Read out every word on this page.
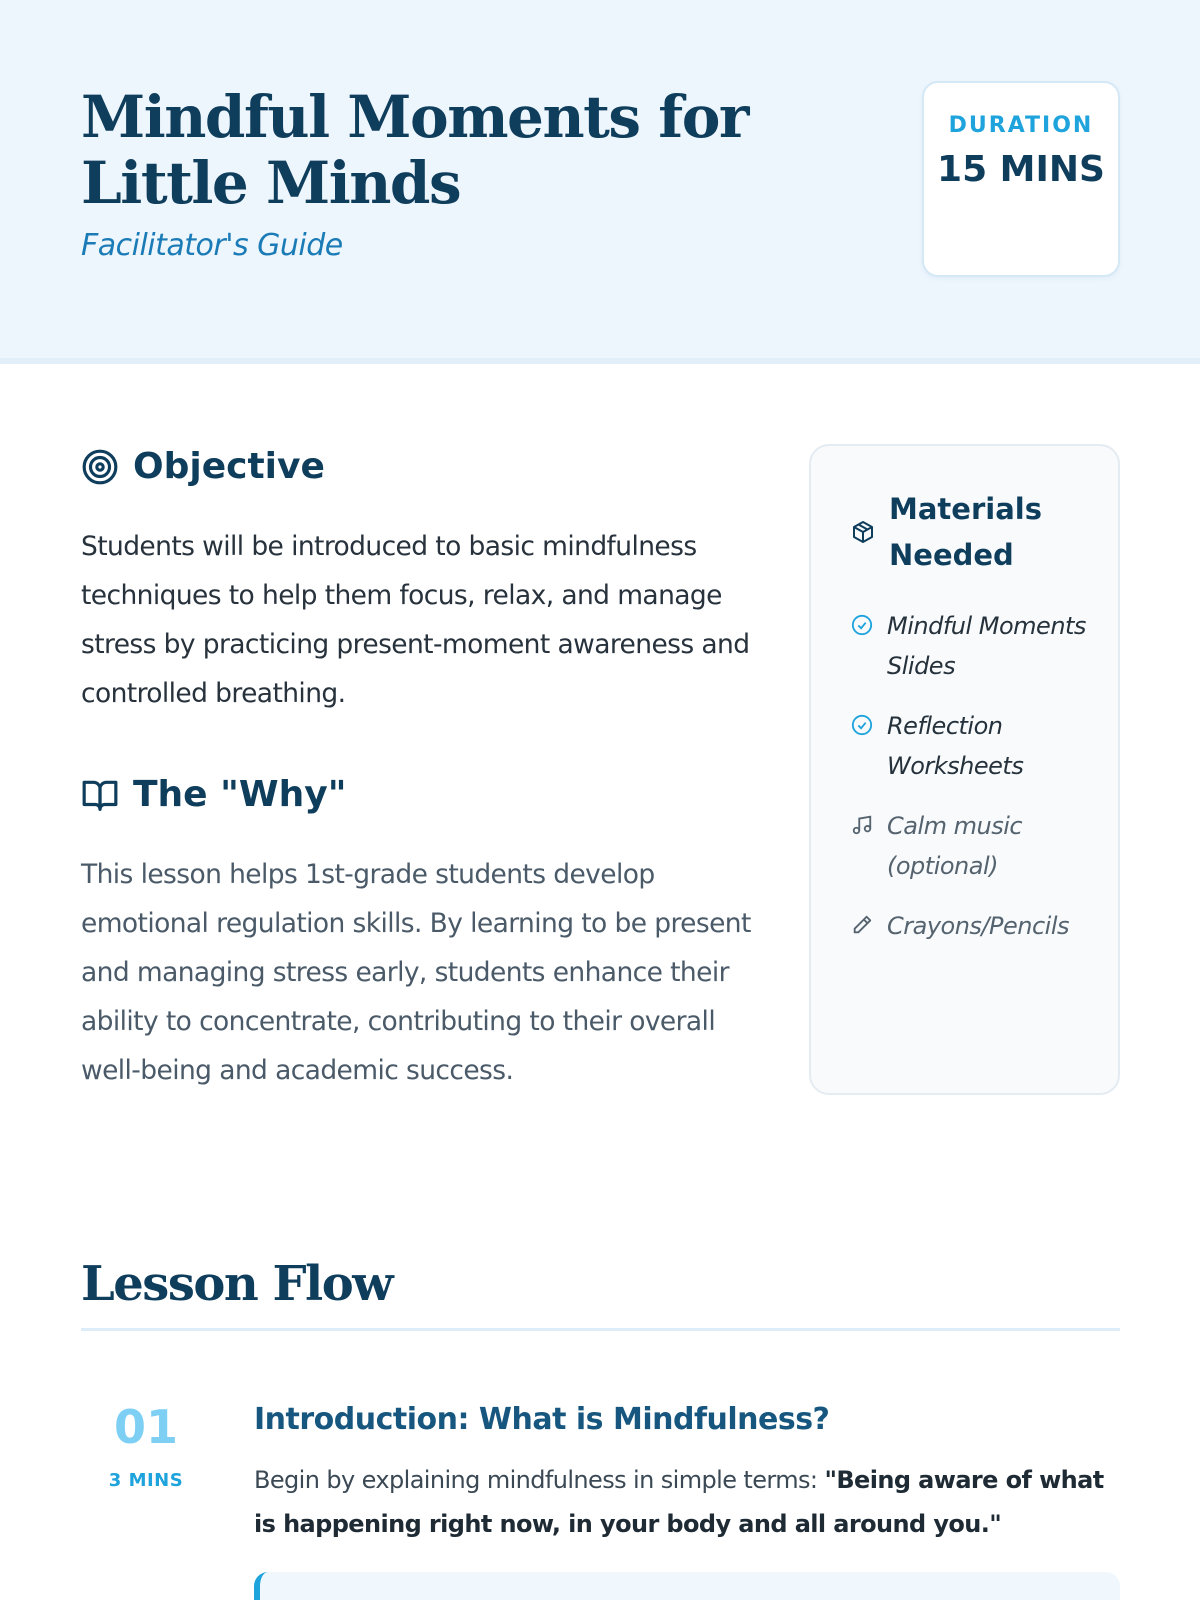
Mindful Moments for Little Minds
Facilitator's Guide
DURATION
15 MINS
Objective

Students will be introduced to basic mindfulness techniques to help them focus, relax, and manage stress by practicing present-moment awareness and controlled breathing.

The "Why"

This lesson helps 1st-grade students develop emotional regulation skills. By learning to be present and managing stress early, students enhance their ability to concentrate, contributing to their overall well-being and academic success.

Materials Needed
Mindful Moments Slides
Reflection Worksheets
Calm music (optional)
Crayons/Pencils
Lesson Flow
01
3 MINS
Introduction: What is Mindfulness?

Begin by explaining mindfulness in simple terms: "Being aware of what is happening right now, in your body and all around you."
